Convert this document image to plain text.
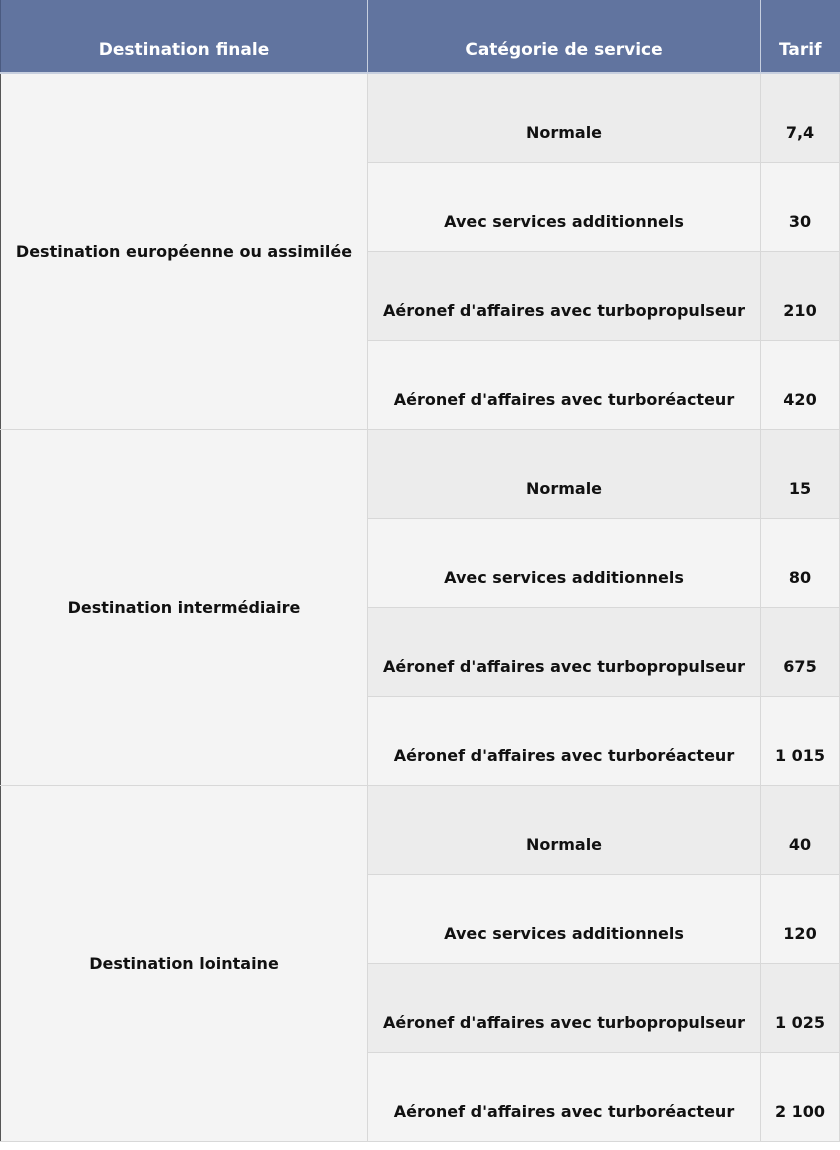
Destination finale	Catégorie de service	Tarif
Destination européenne ou assimilée	Normale	7,4
	Avec services additionnels	30
	Aéronef d'affaires avec turbopropulseur	210
	Aéronef d'affaires avec turboréacteur	420
Destination intermédiaire	Normale	15
	Avec services additionnels	80
	Aéronef d'affaires avec turbopropulseur	675
	Aéronef d'affaires avec turboréacteur	1 015
Destination lointaine	Normale	40
	Avec services additionnels	120
	Aéronef d'affaires avec turbopropulseur	1 025
	Aéronef d'affaires avec turboréacteur	2 100
